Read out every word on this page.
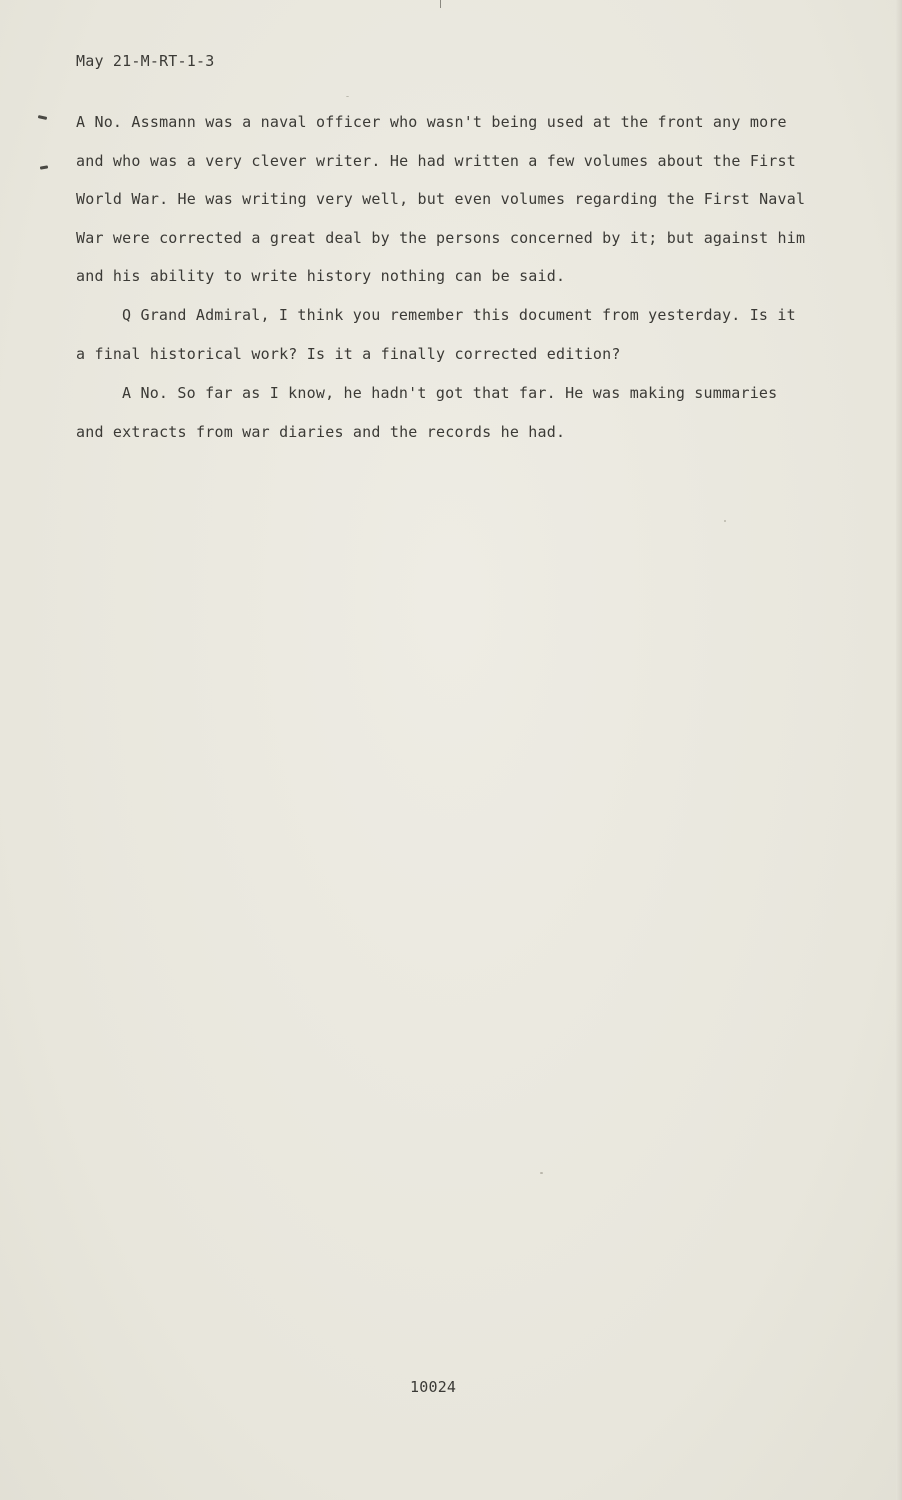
May 21-M-RT-1-3
A No. Assmann was a naval officer who wasn't being used at the front any more
and who was a very clever writer. He had written a few volumes about the First
World War. He was writing very well, but even volumes regarding the First Naval
War were corrected a great deal by the persons concerned by it; but against him
and his ability to write history nothing can be said.
Q Grand Admiral, I think you remember this document from yesterday. Is it
a final historical work? Is it a finally corrected edition?
A No. So far as I know, he hadn't got that far. He was making summaries
and extracts from war diaries and the records he had.
10024
